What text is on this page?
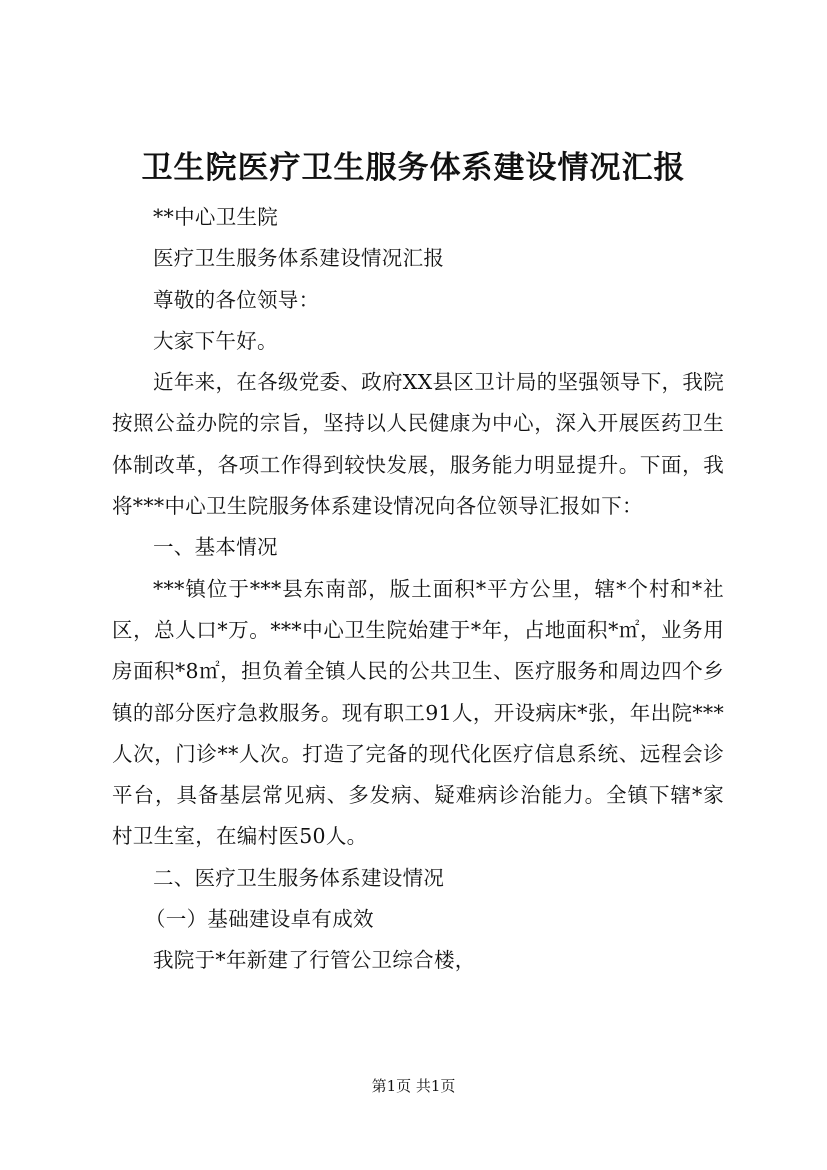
卫生院医疗卫生服务体系建设情况汇报

**中心卫生院

医疗卫生服务体系建设情况汇报

尊敬的各位领导：

大家下午好。

近年来，在各级党委、政府XX县区卫计局的坚强领导下，我院按照公益办院的宗旨，坚持以人民健康为中心，深入开展医药卫生体制改革，各项工作得到较快发展，服务能力明显提升。下面，我将***中心卫生院服务体系建设情况向各位领导汇报如下：

一、基本情况

***镇位于***县东南部，版土面积*平方公里，辖*个村和*社区，总人口*万。***中心卫生院始建于*年，占地面积*㎡，业务用房面积*8㎡，担负着全镇人民的公共卫生、医疗服务和周边四个乡镇的部分医疗急救服务。现有职工91人，开设病床*张，年出院***人次，门诊**人次。打造了完备的现代化医疗信息系统、远程会诊平台，具备基层常见病、多发病、疑难病诊治能力。全镇下辖*家村卫生室，在编村医50人。

二、医疗卫生服务体系建设情况

（一）基础建设卓有成效

我院于*年新建了行管公卫综合楼，

第1页 共1页
